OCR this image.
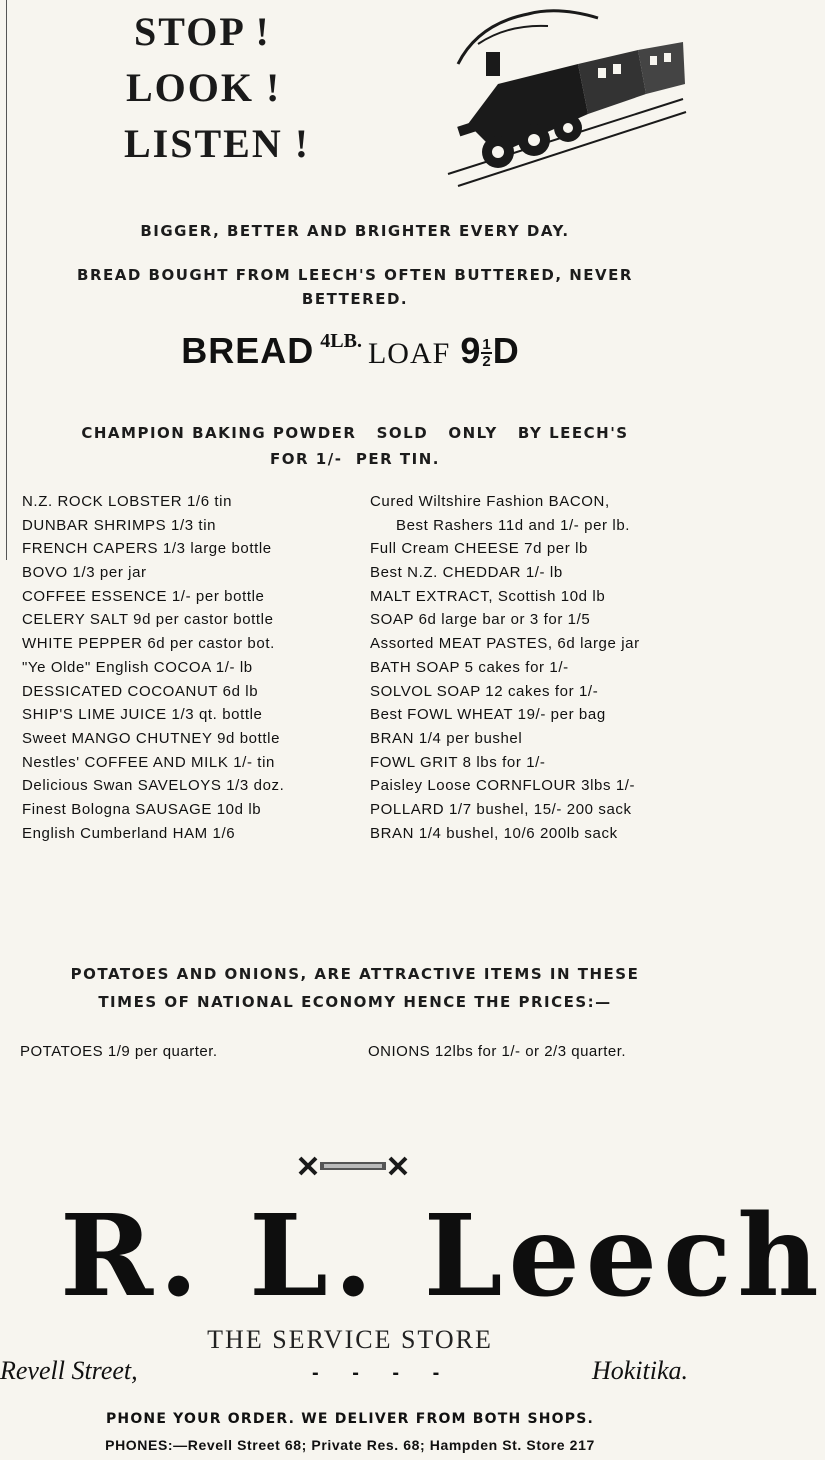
STOP !
LOOK !
LISTEN !
BIGGER, BETTER AND BRIGHTER EVERY DAY.
BREAD BOUGHT FROM LEECH'S OFTEN BUTTERED, NEVER
BETTERED.
BREAD 4LB. LOAF $9 \frac{1}{2}$ D
CHAMPION BAKING POWDER   SOLD   ONLY   BY LEECH'S
FOR 1/-  PER TIN.
N.Z. ROCK LOBSTER 1/6 tin
DUNBAR SHRIMPS 1/3 tin
FRENCH CAPERS 1/3 large bottle
BOVO 1/3 per jar
COFFEE ESSENCE 1/- per bottle
CELERY SALT 9d per castor bottle
WHITE PEPPER 6d per castor bot.
"Ye Olde" English COCOA 1/- lb
DESSICATED COCOANUT 6d lb
SHIP'S LIME JUICE 1/3 qt. bottle
Sweet MANGO CHUTNEY 9d bottle
Nestles' COFFEE AND MILK 1/- tin
Delicious Swan SAVELOYS 1/3 doz.
Finest Bologna SAUSAGE 10d lb
English Cumberland HAM 1/6
Cured Wiltshire Fashion BACON,
Best Rashers 11d and 1/- per lb.
Full Cream CHEESE 7d per lb
Best N.Z. CHEDDAR 1/- lb
MALT EXTRACT, Scottish 10d lb
SOAP 6d large bar or 3 for 1/5
Assorted MEAT PASTES, 6d large jar
BATH SOAP 5 cakes for 1/-
SOLVOL SOAP 12 cakes for 1/-
Best FOWL WHEAT 19/- per bag
BRAN 1/4 per bushel
FOWL GRIT 8 lbs for 1/-
Paisley Loose CORNFLOUR 3lbs 1/-
POLLARD 1/7 bushel, 15/- 200 sack
BRAN 1/4 bushel, 10/6 200lb sack
POTATOES AND ONIONS, ARE ATTRACTIVE ITEMS IN THESE
TIMES OF NATIONAL ECONOMY HENCE THE PRICES:—
POTATOES 1/9 per quarter.	ONIONS 12lbs for 1/- or 2/3 quarter.
R. L. Leech
THE SERVICE STORE
Revell Street,	- - - -	Hokitika.
PHONE YOUR ORDER. WE DELIVER FROM BOTH SHOPS.
PHONES:—Revell Street 68; Private Res. 68; Hampden St. Store 217
